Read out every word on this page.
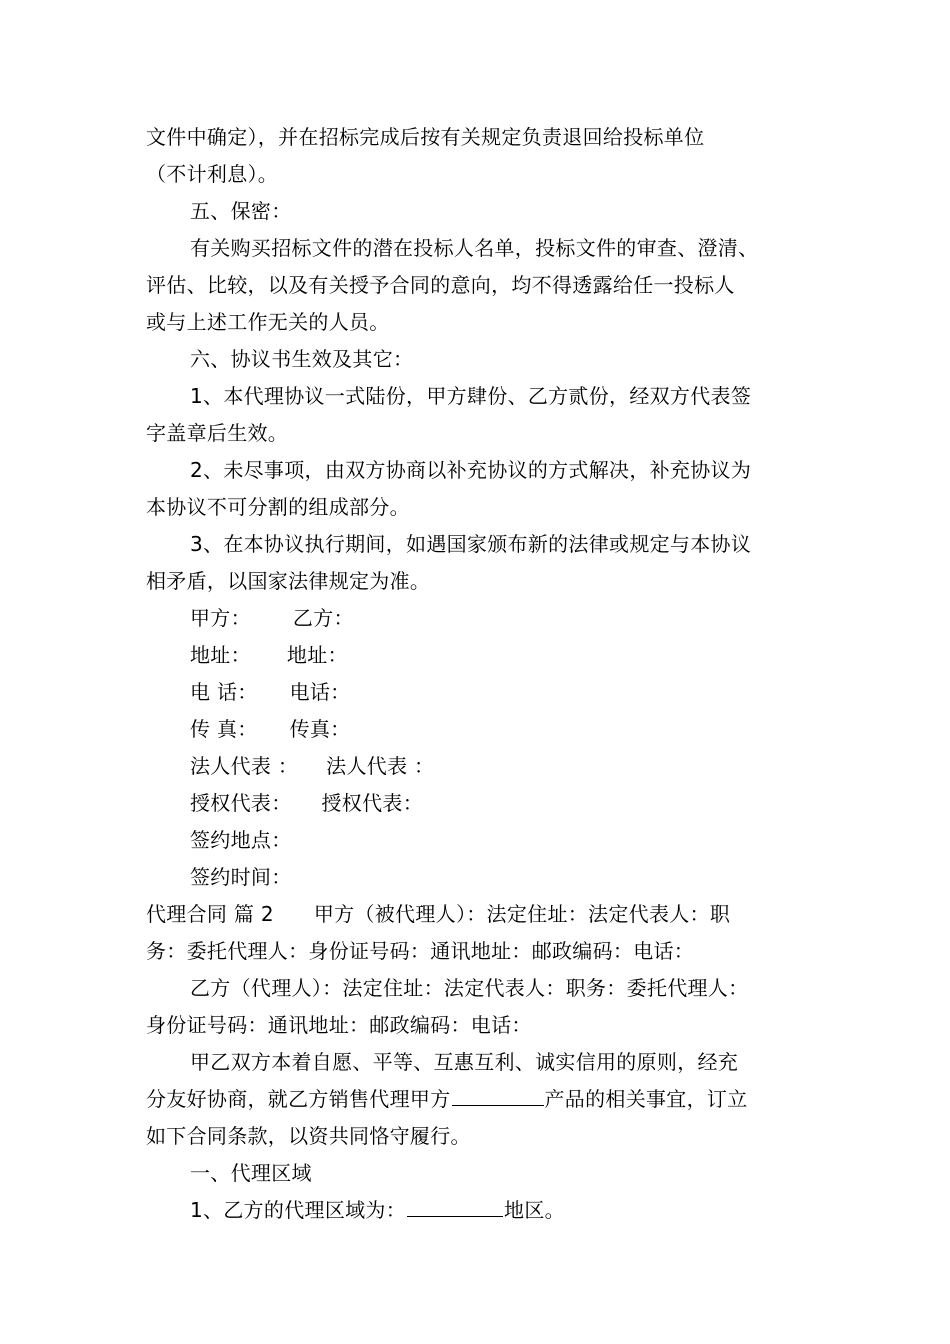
文件中确定），并在招标完成后按有关规定负责退回给投标单位
（不计利息）。
五、保密：
有关购买招标文件的潜在投标人名单，投标文件的审查、澄清、
评估、比较，以及有关授予合同的意向，均不得透露给任一投标人
或与上述工作无关的人员。
六、协议书生效及其它：
1、本代理协议一式陆份，甲方肆份、乙方贰份，经双方代表签
字盖章后生效。
2、未尽事项，由双方协商以补充协议的方式解决，补充协议为
本协议不可分割的组成部分。
3、在本协议执行期间，如遇国家颁布新的法律或规定与本协议
相矛盾，以国家法律规定为准。
甲方： 乙方：
地址： 地址：
电 话： 电话：
传 真： 传真：
法人代表 ： 法人代表 ：
授权代表： 授权代表：
签约地点：
签约时间：
代理合同 篇 2 甲方（被代理人）：法定住址：法定代表人：职
务：委托代理人：身份证号码：通讯地址：邮政编码：电话：
乙方（代理人）：法定住址：法定代表人：职务：委托代理人：
身份证号码：通讯地址：邮政编码：电话：
甲乙双方本着自愿、平等、互惠互利、诚实信用的原则，经充
分友好协商，就乙方销售代理甲方	产品的相关事宜，订立
如下合同条款，以资共同恪守履行。
一、代理区域
1、乙方的代理区域为：	地区。
